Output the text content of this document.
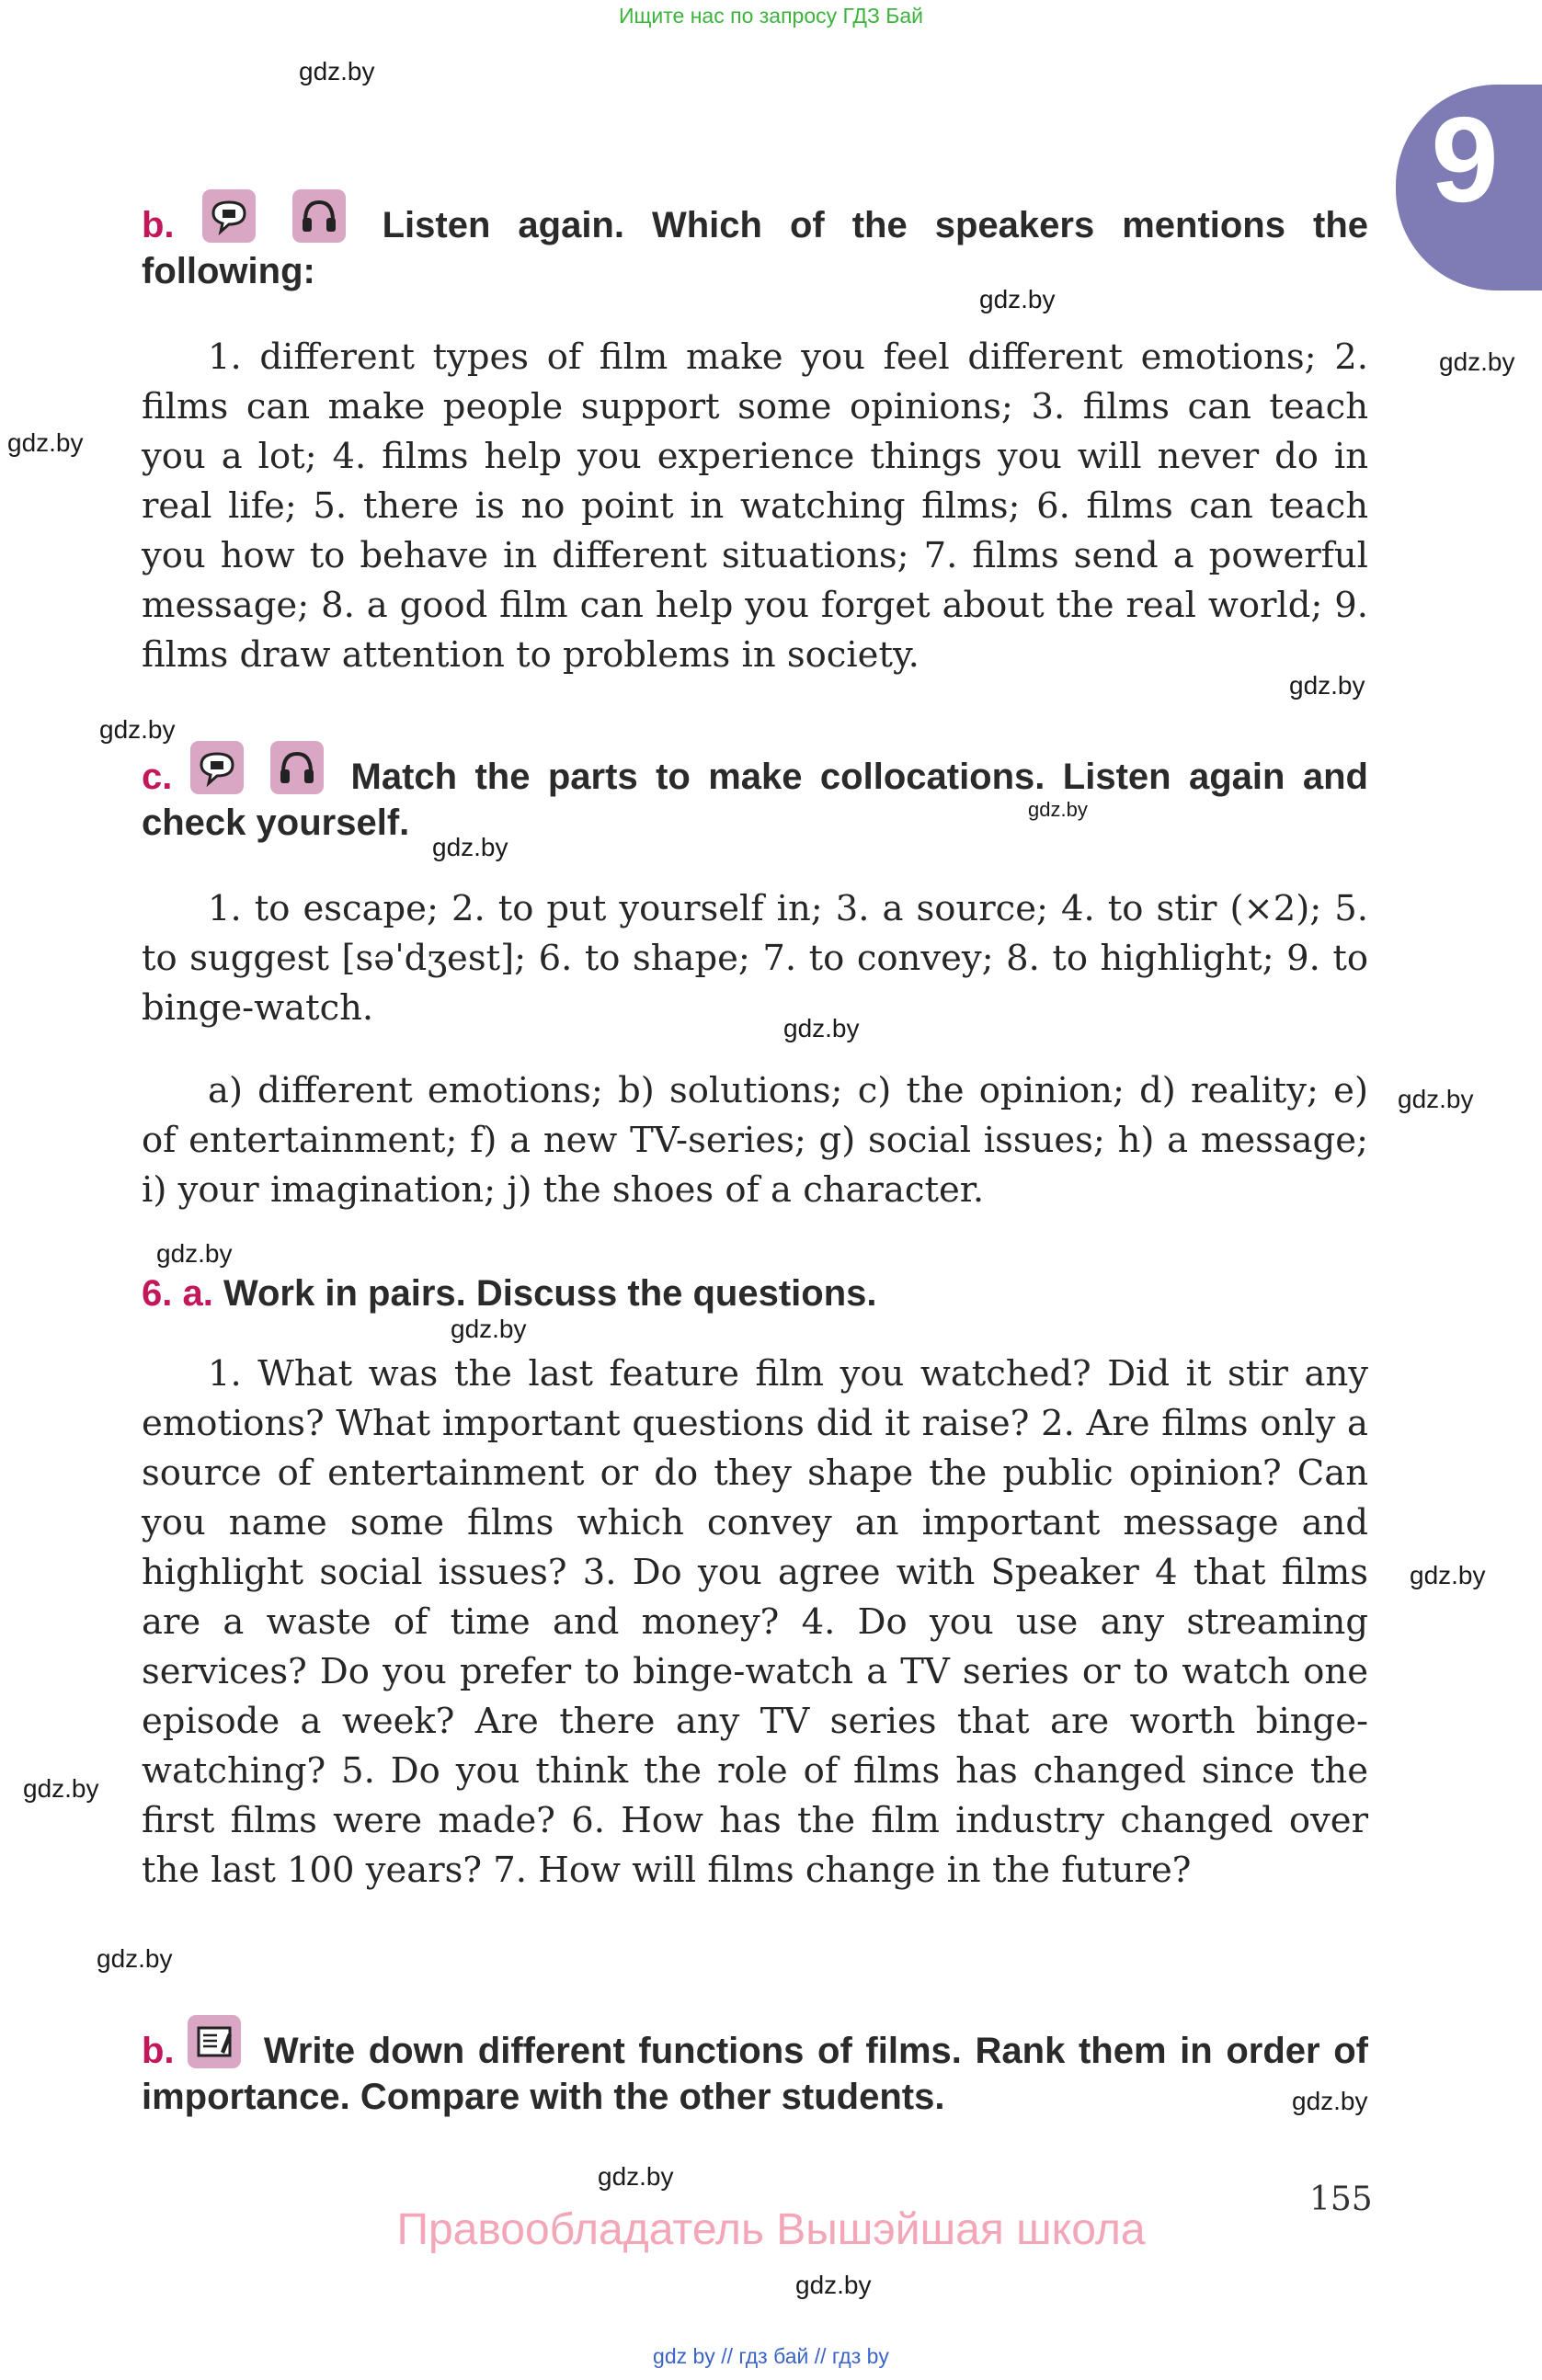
Ищите нас по запросу ГДЗ Бай
9
gdz.by
gdz.by
gdz.by
gdz.by
gdz.by
gdz.by
gdz.by
gdz.by
gdz.by
gdz.by
gdz.by
gdz.by
gdz.by
gdz.by
gdz.by
gdz.by
gdz.by
gdz.by
b.
	Listen again. Which of the speakers mentions the following:
1. different types of film make you feel different emotions; 2. films can make people support some opinions; 3. films can teach you a lot; 4. films help you experience things you will never do in real life; 5. there is no point in watching films; 6. films can teach you how to behave in different situations; 7. films send a powerful message; 8. a good film can help you forget about the real world; 9. films draw attention to problems in society.
c.
	Match the parts to make collocations. Listen again and check yourself.
1. to escape; 2. to put yourself in; 3. a source; 4. to stir (×2); 5. to suggest [səˈdʒest]; 6. to shape; 7. to convey; 8. to highlight; 9. to binge-watch.
a) different emotions; b) solutions; c) the opinion; d) reality; e) of entertainment; f) a new TV-series; g) social issues; h) a message; i) your imagination; j) the shoes of a character.
6. a. Work in pairs. Discuss the questions.
1. What was the last feature film you watched? Did it stir any emotions? What important questions did it raise? 2. Are films only a source of entertainment or do they shape the public opinion? Can you name some films which convey an important message and highlight social issues? 3. Do you agree with Speaker 4 that films are a waste of time and money? 4. Do you use any streaming services? Do you prefer to binge-watch a TV series or to watch one episode a week? Are there any TV series that are worth binge-watching? 5. Do you think the role of films has changed since the first films were made? 6. How has the film industry changed over the last 100 years? 7. How will films change in the future?
b. Write down different functions of films. Rank them in order of importance. Compare with the other students.
155
Правообладатель Вышэйшая школа
gdz by // гдз бай // гдз by
